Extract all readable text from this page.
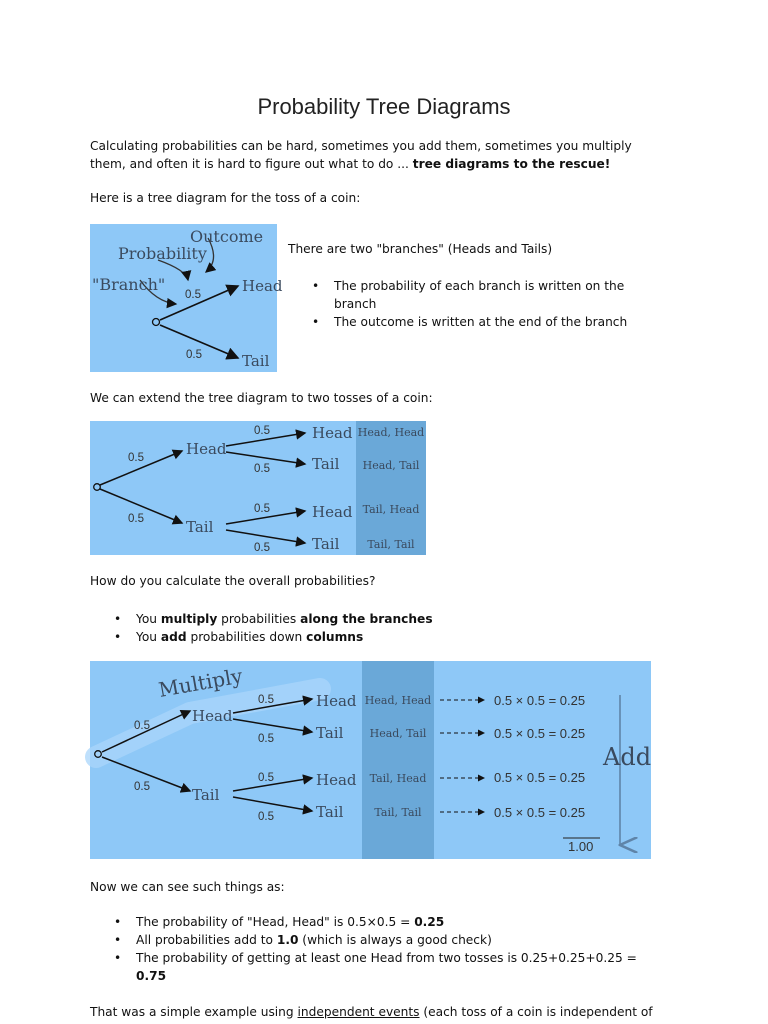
Probability Tree Diagrams
Calculating probabilities can be hard, sometimes you add them, sometimes you multiply them, and often it is hard to figure out what to do ... tree diagrams to the rescue!
Here is a tree diagram for the toss of a coin:
Outcome
Probability
"Branch"
0.5
0.5
Head
Tail
There are two "branches" (Heads and Tails)
• The probability of each branch is written on the branch
• The outcome is written at the end of the branch
We can extend the tree diagram to two tosses of a coin:
0.5
0.5
Head
Tail
0.5
0.5
0.5
0.5
Head
Tail
Head
Tail
Head, Head
Head, Tail
Tail, Head
Tail, Tail
How do you calculate the overall probabilities?
• You multiply probabilities along the branches
• You add probabilities down columns
Multiply
0.5
0.5
Head
Tail
0.5
0.5
0.5
0.5
Head
Tail
Head
Tail
Head, Head
Head, Tail
Tail, Head
Tail, Tail
0.5 × 0.5 = 0.25
0.5 × 0.5 = 0.25
0.5 × 0.5 = 0.25
0.5 × 0.5 = 0.25
1.00
Add
Now we can see such things as:
• The probability of "Head, Head" is 0.5×0.5 = 0.25
• All probabilities add to 1.0 (which is always a good check)
• The probability of getting at least one Head from two tosses is 0.25+0.25+0.25 = 0.75
That was a simple example using independent events (each toss of a coin is independent of
